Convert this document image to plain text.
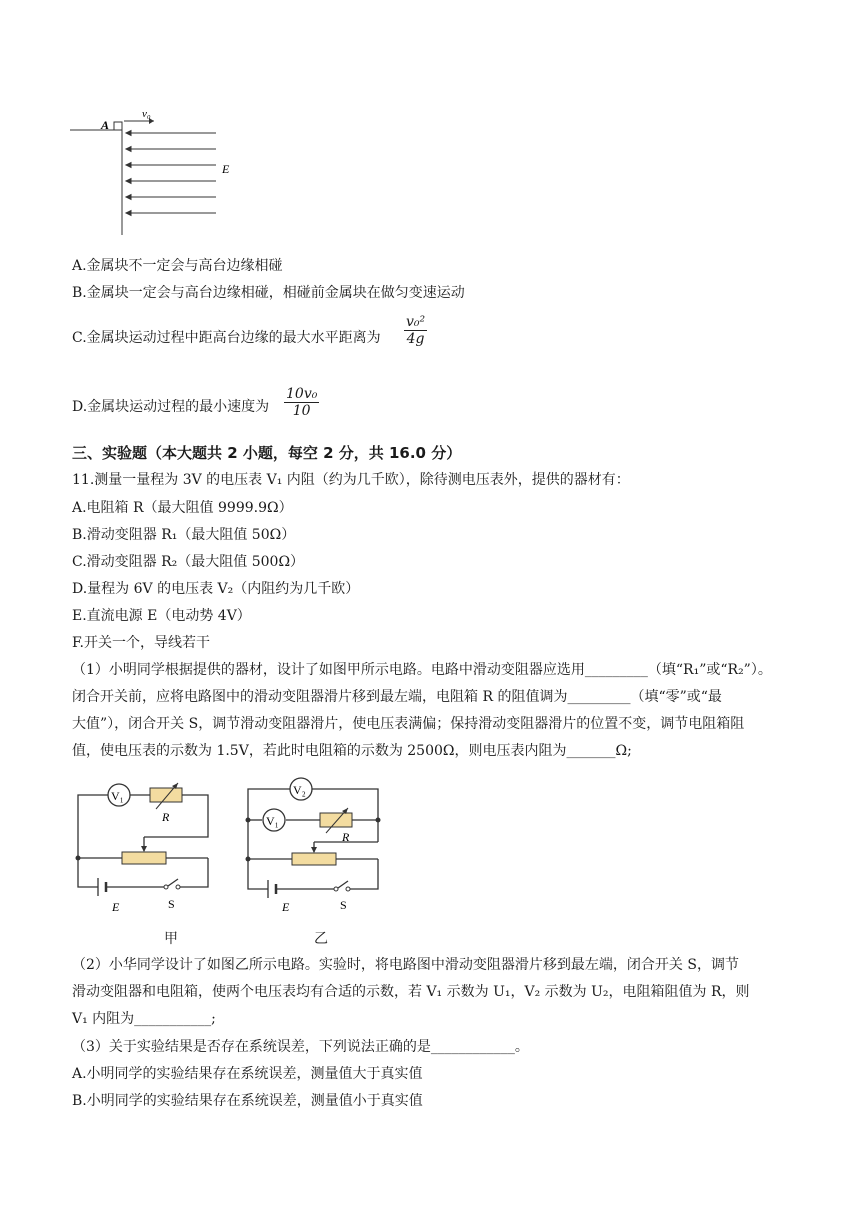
A
v₀
E
A.金属块不一定会与高台边缘相碰
B.金属块一定会与高台边缘相碰，相碰前金属块在做匀变速运动
C.金属块运动过程中距高台边缘的最大水平距离为 $\frac{\text{v₀²}}{4g}$
D.金属块运动过程的最小速度为 $\frac{\text{10v₀}}{10}$
三、实验题（本大题共 2 小题，每空 2 分，共 16.0 分）
11.测量一量程为 3V 的电压表 V₁ 内阻（约为几千欧），除待测电压表外，提供的器材有：
A.电阻箱 R（最大阻值 9999.9Ω）
B.滑动变阻器 R₁（最大阻值 50Ω）
C.滑动变阻器 R₂（最大阻值 500Ω）
D.量程为 6V 的电压表 V₂（内阻约为几千欧）
E.直流电源 E（电动势 4V）
F.开关一个，导线若干
（1）小明同学根据提供的器材，设计了如图甲所示电路。电路中滑动变阻器应选用_________（填“R₁”或“R₂”）。
闭合开关前，应将电路图中的滑动变阻器滑片移到最左端，电阻箱 R 的阻值调为_________（填“零”或“最
大值”），闭合开关 S，调节滑动变阻器滑片，使电压表满偏；保持滑动变阻器滑片的位置不变，调节电阻箱阻
值，使电压表的示数为 1.5V，若此时电阻箱的示数为 2500Ω，则电压表内阻为_______Ω;
V₁
R
E	S
甲
V₂
V₁
R
E	S
乙
（2）小华同学设计了如图乙所示电路。实验时，将电路图中滑动变阻器滑片移到最左端，闭合开关 S，调节
滑动变阻器和电阻箱，使两个电压表均有合适的示数，若 V₁ 示数为 U₁，V₂ 示数为 U₂，电阻箱阻值为 R，则
V₁ 内阻为___________;
（3）关于实验结果是否存在系统误差，下列说法正确的是____________。
A.小明同学的实验结果存在系统误差，测量值大于真实值
B.小明同学的实验结果存在系统误差，测量值小于真实值
